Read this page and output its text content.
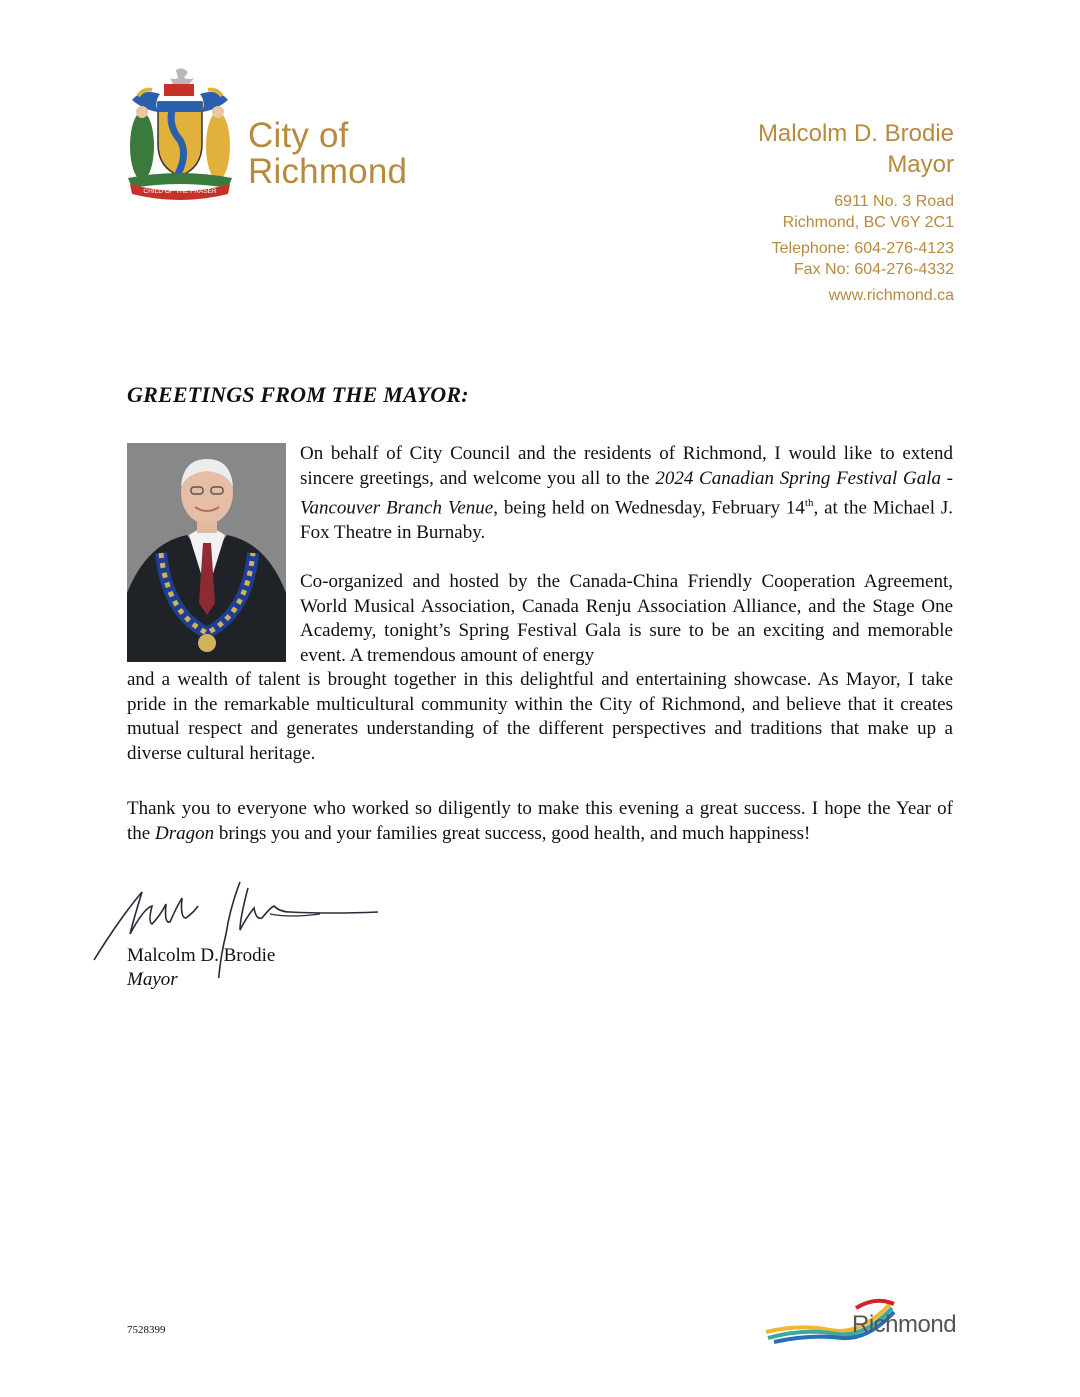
CHILD OF THE FRASER
City of
Richmond
Malcolm D. Brodie
Mayor
6911 No. 3 Road
Richmond, BC V6Y 2C1
Telephone: 604-276-4123
Fax No: 604-276-4332
www.richmond.ca
GREETINGS FROM THE MAYOR:
On behalf of City Council and the residents of Richmond, I would like to extend sincere greetings, and welcome you all to the 2024 Canadian Spring Festival Gala - Vancouver Branch Venue, being held on Wednesday, February 14th, at the Michael J. Fox Theatre in Burnaby.
Co-organized and hosted by the Canada-China Friendly Cooperation Agreement, World Musical Association, Canada Renju Association Alliance, and the Stage One Academy, tonight’s Spring Festival Gala is sure to be an exciting and memorable event. A tremendous amount of energy
and a wealth of talent is brought together in this delightful and entertaining showcase. As Mayor, I take pride in the remarkable multicultural community within the City of Richmond, and believe that it creates mutual respect and generates understanding of the different perspectives and traditions that make up a diverse cultural heritage.
Thank you to everyone who worked so diligently to make this evening a great success. I hope the Year of the Dragon brings you and your families great success, good health, and much happiness!
Malcolm D. Brodie
Mayor
7528399	Richmond
